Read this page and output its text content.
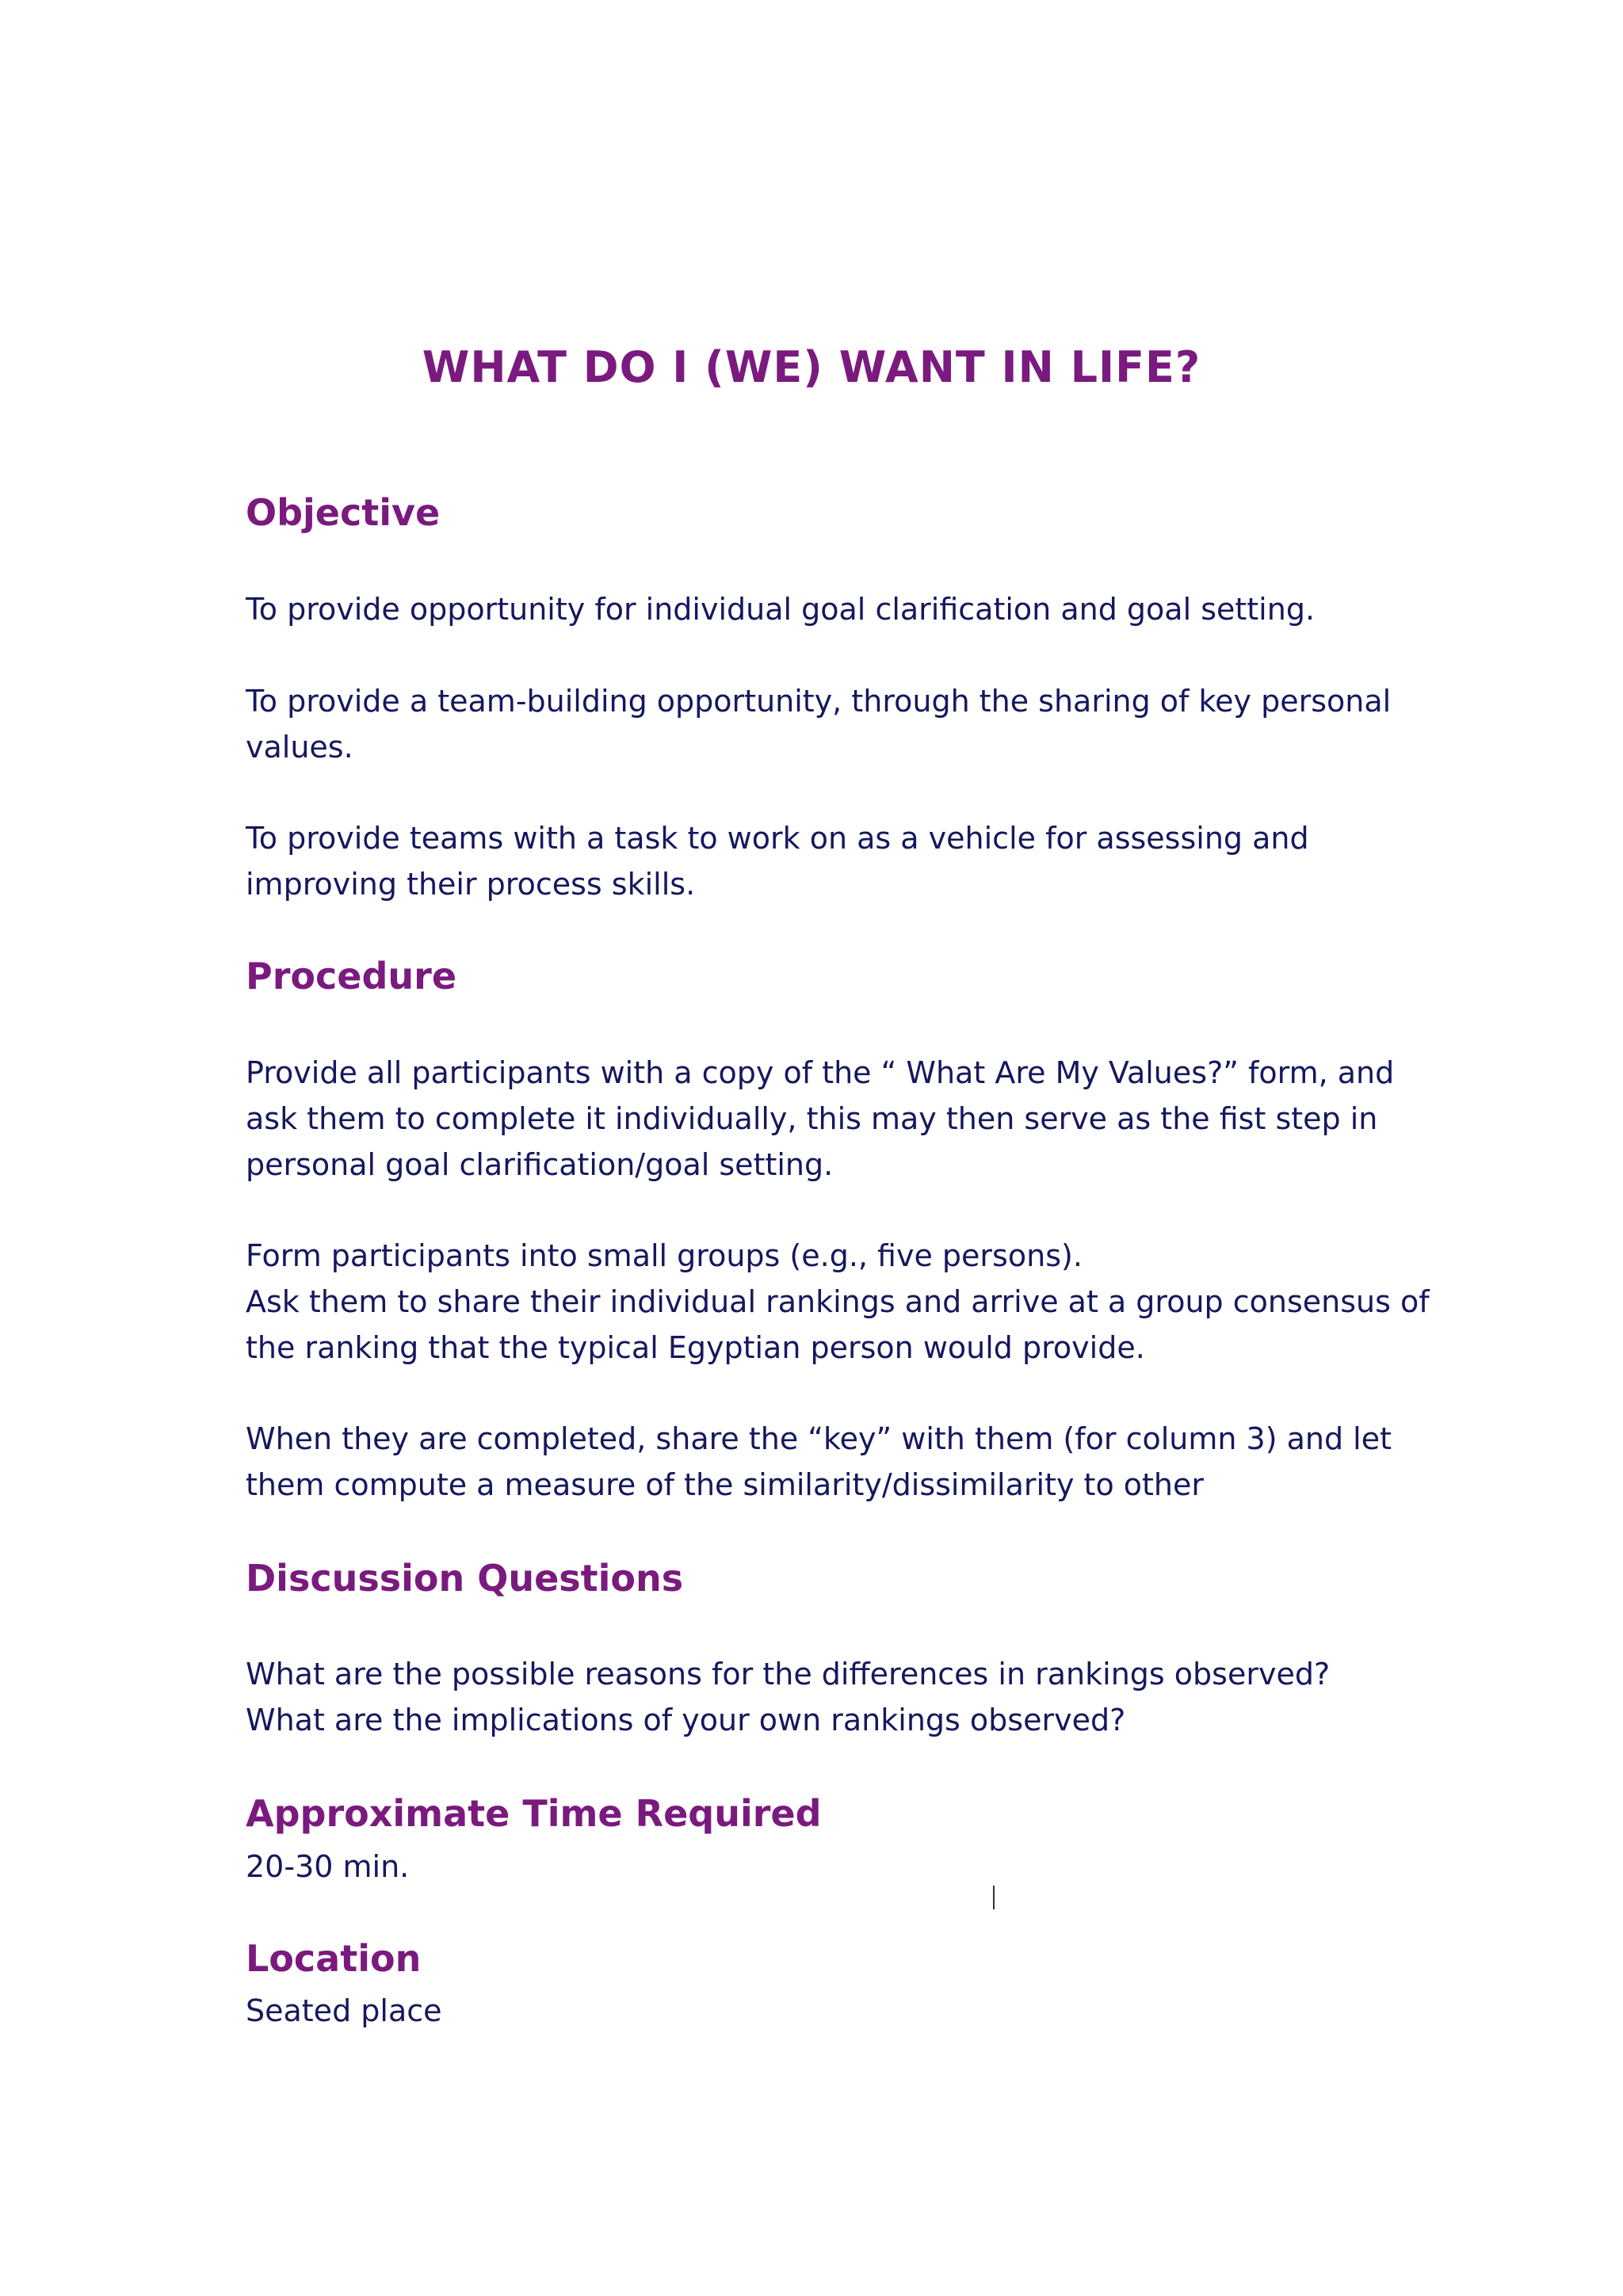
WHAT DO I (WE) WANT IN LIFE?
Objective

To provide opportunity for individual goal clarification and goal setting.

To provide a team-building opportunity, through the sharing of key personal
values.

To provide teams with a task to work on as a vehicle for assessing and
improving their process skills.

Procedure

Provide all participants with a copy of the “ What Are My Values?” form, and
ask them to complete it individually, this may then serve as the fist step in
personal goal clarification/goal setting.

Form participants into small groups (e.g., five persons).
Ask them to share their individual rankings and arrive at a group consensus of
the ranking that the typical Egyptian person would provide.

When they are completed, share the “key” with them (for column 3) and let
them compute a measure of the similarity/dissimilarity to other

Discussion Questions

What are the possible reasons for the differences in rankings observed?
What are the implications of your own rankings observed?

Approximate Time Required

20-30 min.

Location

Seated place
